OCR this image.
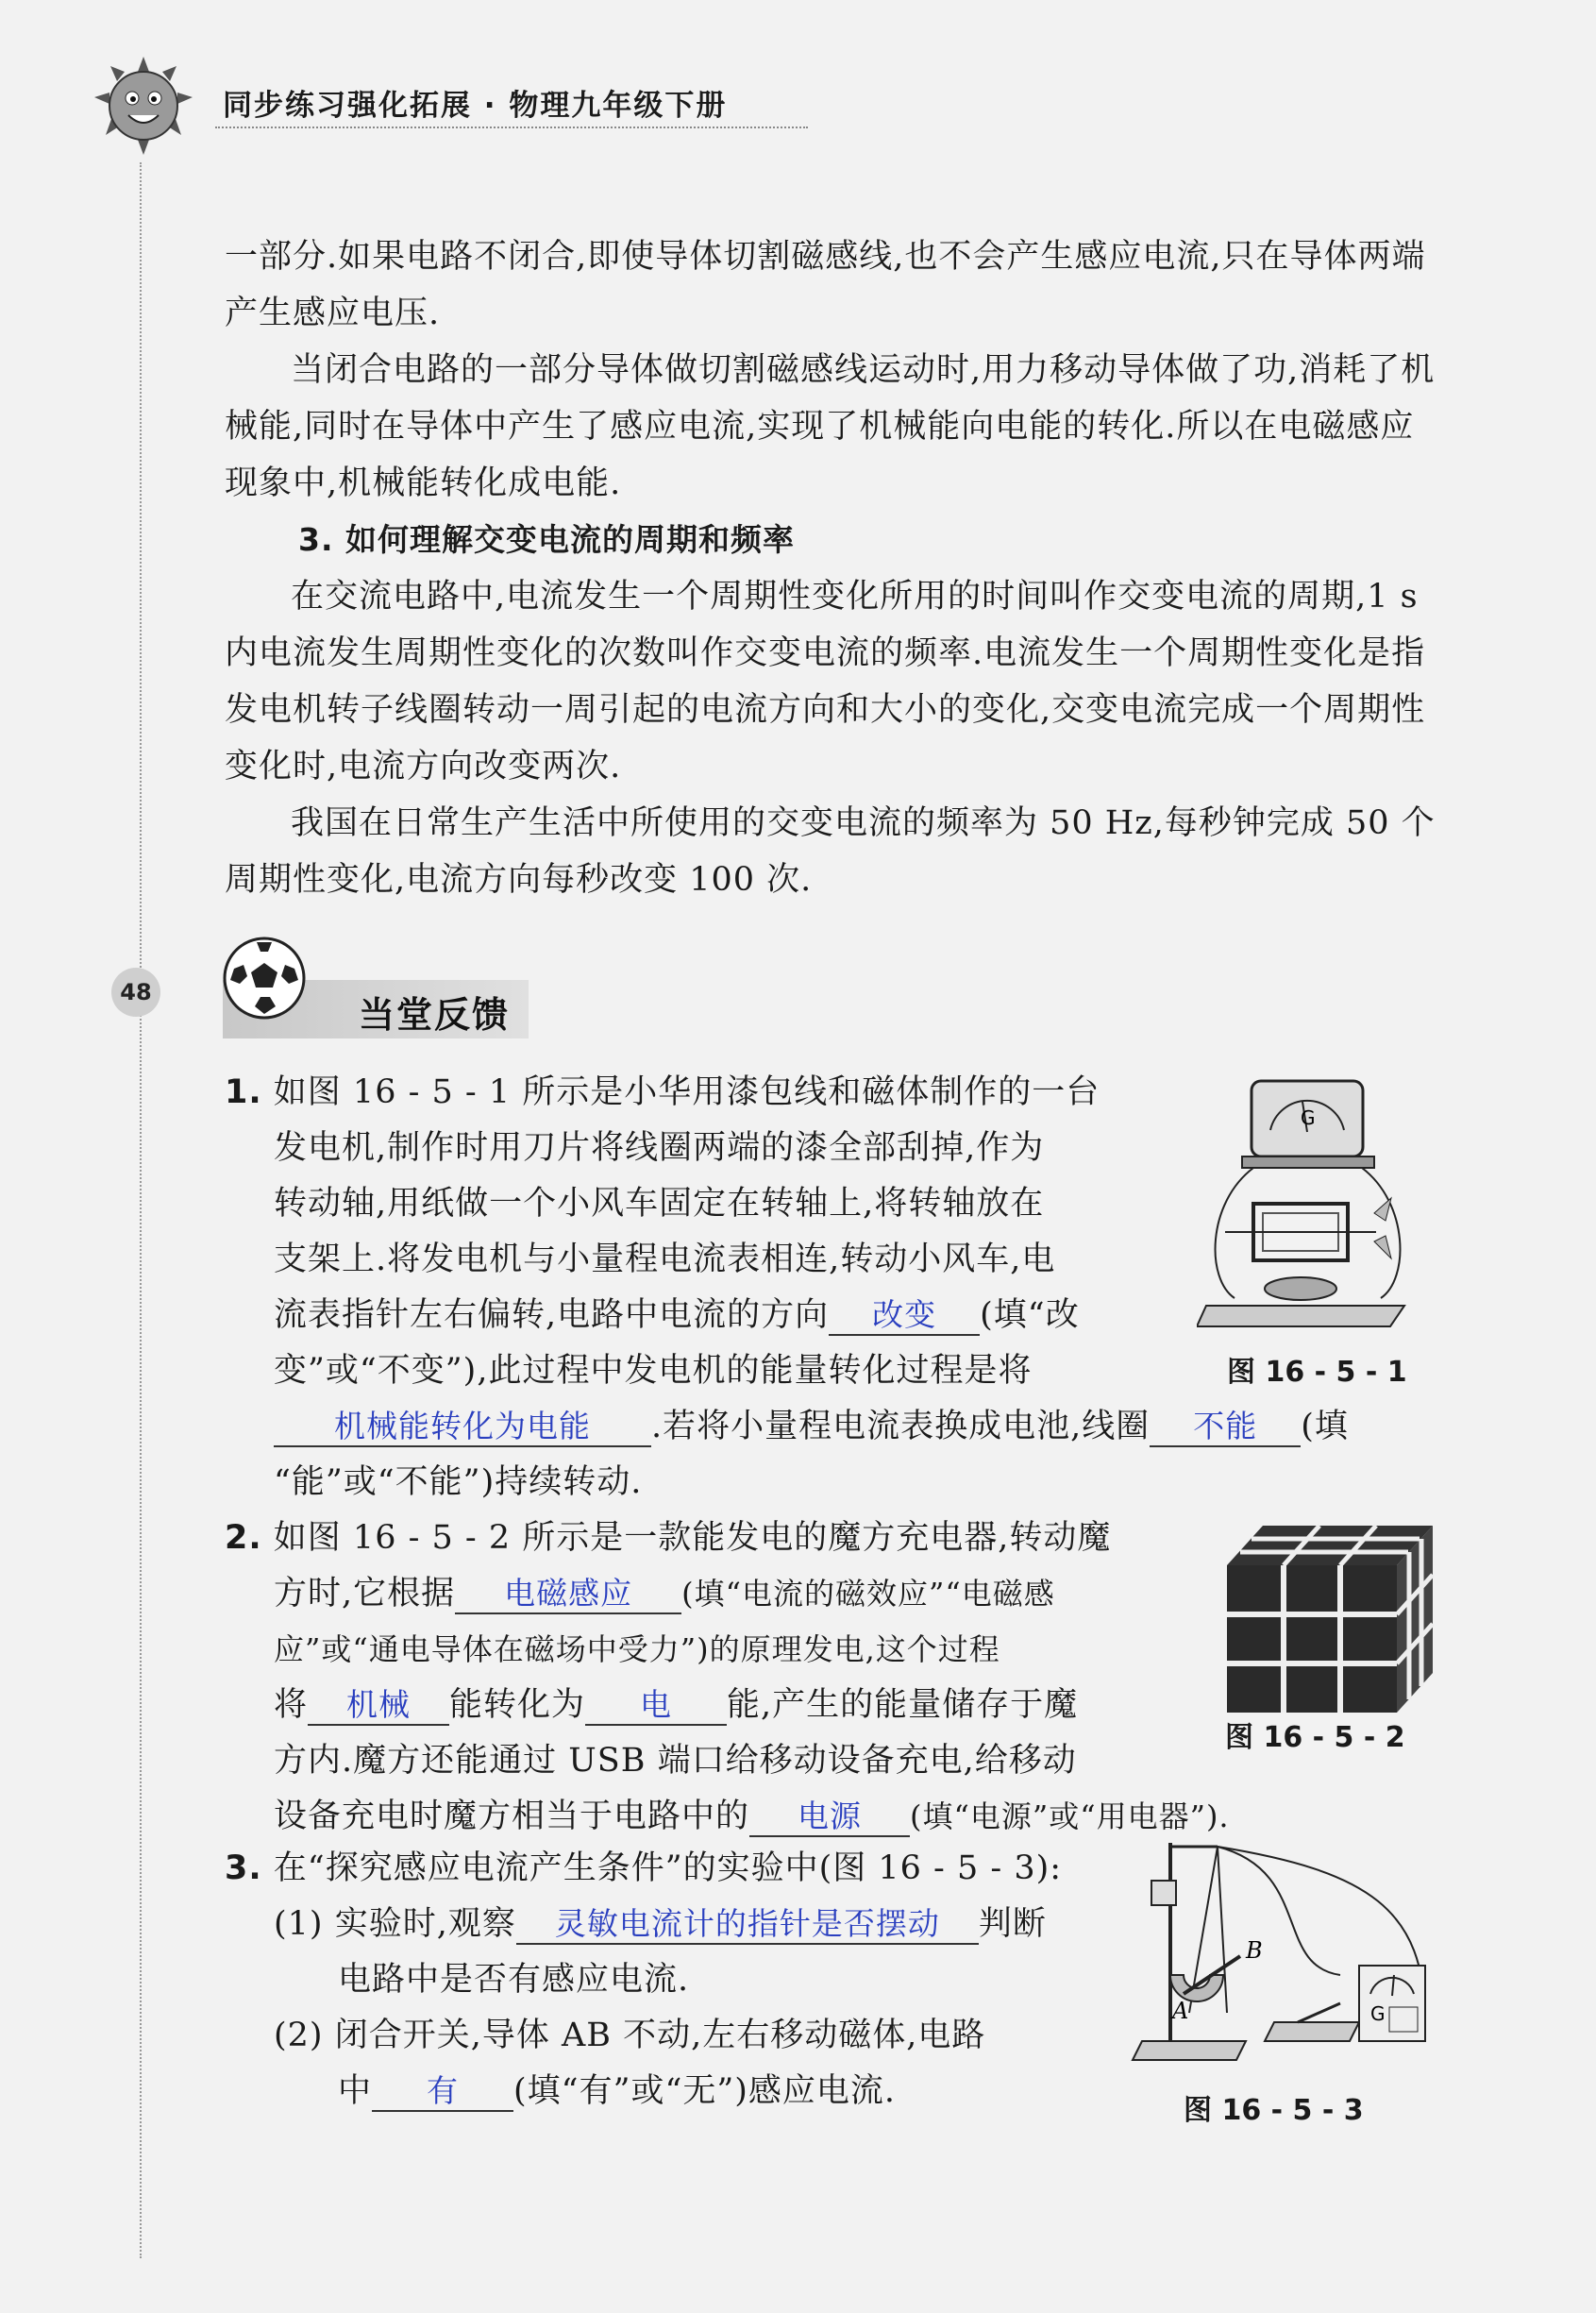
同步练习强化拓展 · 物理九年级下册
48

一部分.如果电路不闭合,即使导体切割磁感线,也不会产生感应电流,只在导体两端产生感应电压.

当闭合电路的一部分导体做切割磁感线运动时,用力移动导体做了功,消耗了机械能,同时在导体中产生了感应电流,实现了机械能向电能的转化.所以在电磁感应现象中,机械能转化成电能.

3. 如何理解交变电流的周期和频率

在交流电路中,电流发生一个周期性变化所用的时间叫作交变电流的周期,1 s 内电流发生周期性变化的次数叫作交变电流的频率.电流发生一个周期性变化是指发电机转子线圈转动一周引起的电流方向和大小的变化,交变电流完成一个周期性变化时,电流方向改变两次.

我国在日常生产生活中所使用的交变电流的频率为 50 Hz,每秒钟完成 50 个周期性变化,电流方向每秒改变 100 次.

当堂反馈
1. 如图 16 - 5 - 1 所示是小华用漆包线和磁体制作的一台
发电机,制作时用刀片将线圈两端的漆全部刮掉,作为
转动轴,用纸做一个小风车固定在转轴上,将转轴放在
支架上.将发电机与小量程电流表相连,转动小风车,电
流表指针左右偏转,电路中电流的方向 改变 (填“改
变”或“不变”),此过程中发电机的能量转化过程是将
机械能转化为电能 .若将小量程电流表换成电池,线圈 不能 (填
“能”或“不能”)持续转动.
G
图 16 - 5 - 1
2. 如图 16 - 5 - 2 所示是一款能发电的魔方充电器,转动魔
方时,它根据 电磁感应 (填“电流的磁效应”“电磁感
应”或“通电导体在磁场中受力”)的原理发电,这个过程
将 机械 能转化为 电 能,产生的能量储存于魔
方内.魔方还能通过 USB 端口给移动设备充电,给移动
设备充电时魔方相当于电路中的 电源 (填“电源”或“用电器”).
图 16 - 5 - 2
3. 在“探究感应电流产生条件”的实验中(图 16 - 5 - 3):
(1) 实验时,观察 灵敏电流计的指针是否摆动 判断
电路中是否有感应电流.
(2) 闭合开关,导体 AB 不动,左右移动磁体,电路
中 有 (填“有”或“无”)感应电流.
B
A	G
图 16 - 5 - 3
